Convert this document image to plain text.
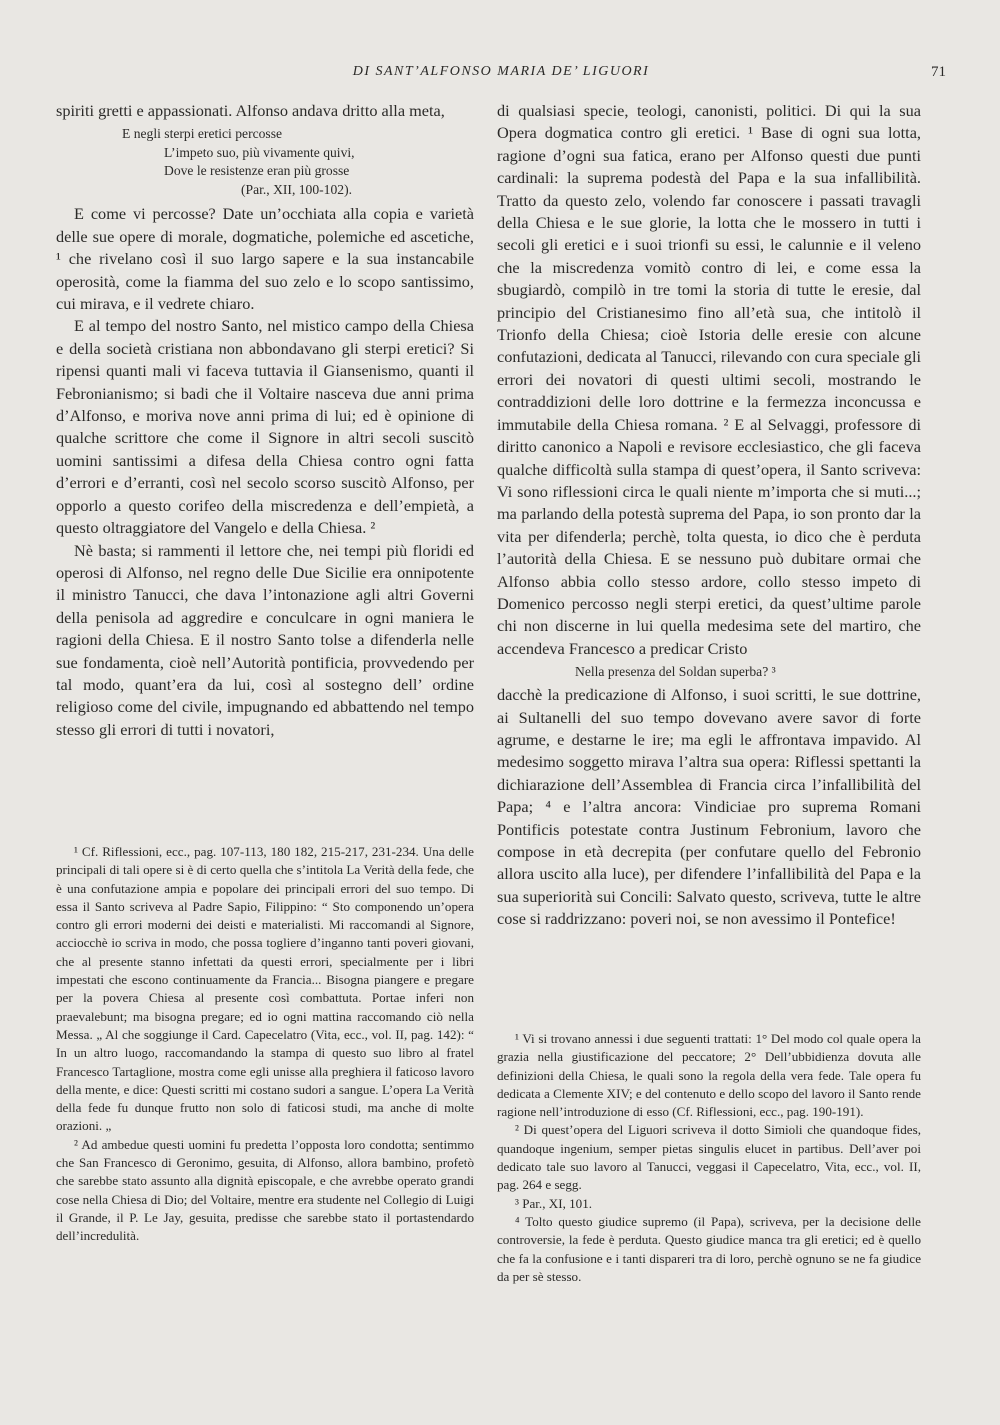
DI SANT’ALFONSO MARIA DE’ LIGUORI	71

spiriti gretti e appassionati. Alfonso andava dritto alla meta,

E negli sterpi eretici percosse
L’impeto suo, più vivamente quivi,
Dove le resistenze eran più grosse
(Par., XII, 100-102).

E come vi percosse? Date un’occhiata alla copia e varietà delle sue opere di morale, dogmatiche, polemiche ed ascetiche, ¹ che rivelano così il suo largo sapere e la sua instancabile operosità, come la fiamma del suo zelo e lo scopo santissimo, cui mirava, e il vedrete chiaro.

E al tempo del nostro Santo, nel mistico campo della Chiesa e della società cristiana non abbondavano gli sterpi eretici? Si ripensi quanti mali vi faceva tuttavia il Giansenismo, quanti il Febronianismo; si badi che il Voltaire nasceva due anni prima d’Alfonso, e moriva nove anni prima di lui; ed è opinione di qualche scrittore che come il Signore in altri secoli suscitò uomini santissimi a difesa della Chiesa contro ogni fatta d’errori e d’erranti, così nel secolo scorso suscitò Alfonso, per opporlo a questo corifeo della miscredenza e dell’empietà, a questo oltraggiatore del Vangelo e della Chiesa. ²

Nè basta; si rammenti il lettore che, nei tempi più floridi ed operosi di Alfonso, nel regno delle Due Sicilie era onnipotente il ministro Tanucci, che dava l’intonazione agli altri Governi della penisola ad aggredire e conculcare in ogni maniera le ragioni della Chiesa. E il nostro Santo tolse a difenderla nelle sue fondamenta, cioè nell’Autorità pontificia, provvedendo per tal modo, quant’era da lui, così al sostegno dell’ ordine religioso come del civile, impugnando ed abbattendo nel tempo stesso gli errori di tutti i novatori,

di qualsiasi specie, teologi, canonisti, politici. Di qui la sua Opera dogmatica contro gli eretici. ¹ Base di ogni sua lotta, ragione d’ogni sua fatica, erano per Alfonso questi due punti cardinali: la suprema podestà del Papa e la sua infallibilità. Tratto da questo zelo, volendo far conoscere i passati travagli della Chiesa e le sue glorie, la lotta che le mossero in tutti i secoli gli eretici e i suoi trionfi su essi, le calunnie e il veleno che la miscredenza vomitò contro di lei, e come essa la sbugiardò, compilò in tre tomi la storia di tutte le eresie, dal principio del Cristianesimo fino all’età sua, che intitolò il Trionfo della Chiesa; cioè Istoria delle eresie con alcune confutazioni, dedicata al Tanucci, rilevando con cura speciale gli errori dei novatori di questi ultimi secoli, mostrando le contraddizioni delle loro dottrine e la fermezza inconcussa e immutabile della Chiesa romana. ² E al Selvaggi, professore di diritto canonico a Napoli e revisore ecclesiastico, che gli faceva qualche difficoltà sulla stampa di quest’opera, il Santo scriveva: Vi sono riflessioni circa le quali niente m’importa che si muti...; ma parlando della potestà suprema del Papa, io son pronto dar la vita per difenderla; perchè, tolta questa, io dico che è perduta l’autorità della Chiesa. E se nessuno può dubitare ormai che Alfonso abbia collo stesso ardore, collo stesso impeto di Domenico percosso negli sterpi eretici, da quest’ultime parole chi non discerne in lui quella medesima sete del martiro, che accendeva Francesco a predicar Cristo

Nella presenza del Soldan superba? ³

dacchè la predicazione di Alfonso, i suoi scritti, le sue dottrine, ai Sultanelli del suo tempo dovevano avere savor di forte agrume, e destarne le ire; ma egli le affrontava impavido. Al medesimo soggetto mirava l’altra sua opera: Riflessi spettanti la dichiarazione dell’Assemblea di Francia circa l’infallibilità del Papa; ⁴ e l’altra ancora: Vindiciae pro suprema Romani Pontificis potestate contra Justinum Febronium, lavoro che compose in età decrepita (per confutare quello del Febronio allora uscito alla luce), per difendere l’infallibilità del Papa e la sua superiorità sui Concili: Salvato questo, scriveva, tutte le altre cose si raddrizzano: poveri noi, se non avessimo il Pontefice!

¹ Cf. Riflessioni, ecc., pag. 107-113, 180 182, 215-217, 231-234. Una delle principali di tali opere si è di certo quella che s’intitola La Verità della fede, che è una confutazione ampia e popolare dei principali errori del suo tempo. Di essa il Santo scriveva al Padre Sapio, Filippino: “ Sto componendo un’opera contro gli errori moderni dei deisti e materialisti. Mi raccomandi al Signore, acciocchè io scriva in modo, che possa togliere d’inganno tanti poveri giovani, che al presente stanno infettati da questi errori, specialmente per i libri impestati che escono continuamente da Francia... Bisogna piangere e pregare per la povera Chiesa al presente così combattuta. Portae inferi non praevalebunt; ma bisogna pregare; ed io ogni mattina raccomando ciò nella Messa. „ Al che soggiunge il Card. Capecelatro (Vita, ecc., vol. II, pag. 142): “ In un altro luogo, raccomandando la stampa di questo suo libro al fratel Francesco Tartaglione, mostra come egli unisse alla preghiera il faticoso lavoro della mente, e dice: Questi scritti mi costano sudori a sangue. L’opera La Verità della fede fu dunque frutto non solo di faticosi studi, ma anche di molte orazioni. „

² Ad ambedue questi uomini fu predetta l’opposta loro condotta; sentimmo che San Francesco di Geronimo, gesuita, di Alfonso, allora bambino, profetò che sarebbe stato assunto alla dignità episcopale, e che avrebbe operato grandi cose nella Chiesa di Dio; del Voltaire, mentre era studente nel Collegio di Luigi il Grande, il P. Le Jay, gesuita, predisse che sarebbe stato il portastendardo dell’incredulità.

¹ Vi si trovano annessi i due seguenti trattati: 1° Del modo col quale opera la grazia nella giustificazione del peccatore; 2° Dell’ubbidienza dovuta alle definizioni della Chiesa, le quali sono la regola della vera fede. Tale opera fu dedicata a Clemente XIV; e del contenuto e dello scopo del lavoro il Santo rende ragione nell’introduzione di esso (Cf. Riflessioni, ecc., pag. 190-191).

² Di quest’opera del Liguori scriveva il dotto Simioli che quandoque fides, quandoque ingenium, semper pietas singulis elucet in partibus. Dell’aver poi dedicato tale suo lavoro al Tanucci, veggasi il Capecelatro, Vita, ecc., vol. II, pag. 264 e segg.

³ Par., XI, 101.

⁴ Tolto questo giudice supremo (il Papa), scriveva, per la decisione delle controversie, la fede è perduta. Questo giudice manca tra gli eretici; ed è quello che fa la confusione e i tanti dispareri tra di loro, perchè ognuno se ne fa giudice da per sè stesso.
